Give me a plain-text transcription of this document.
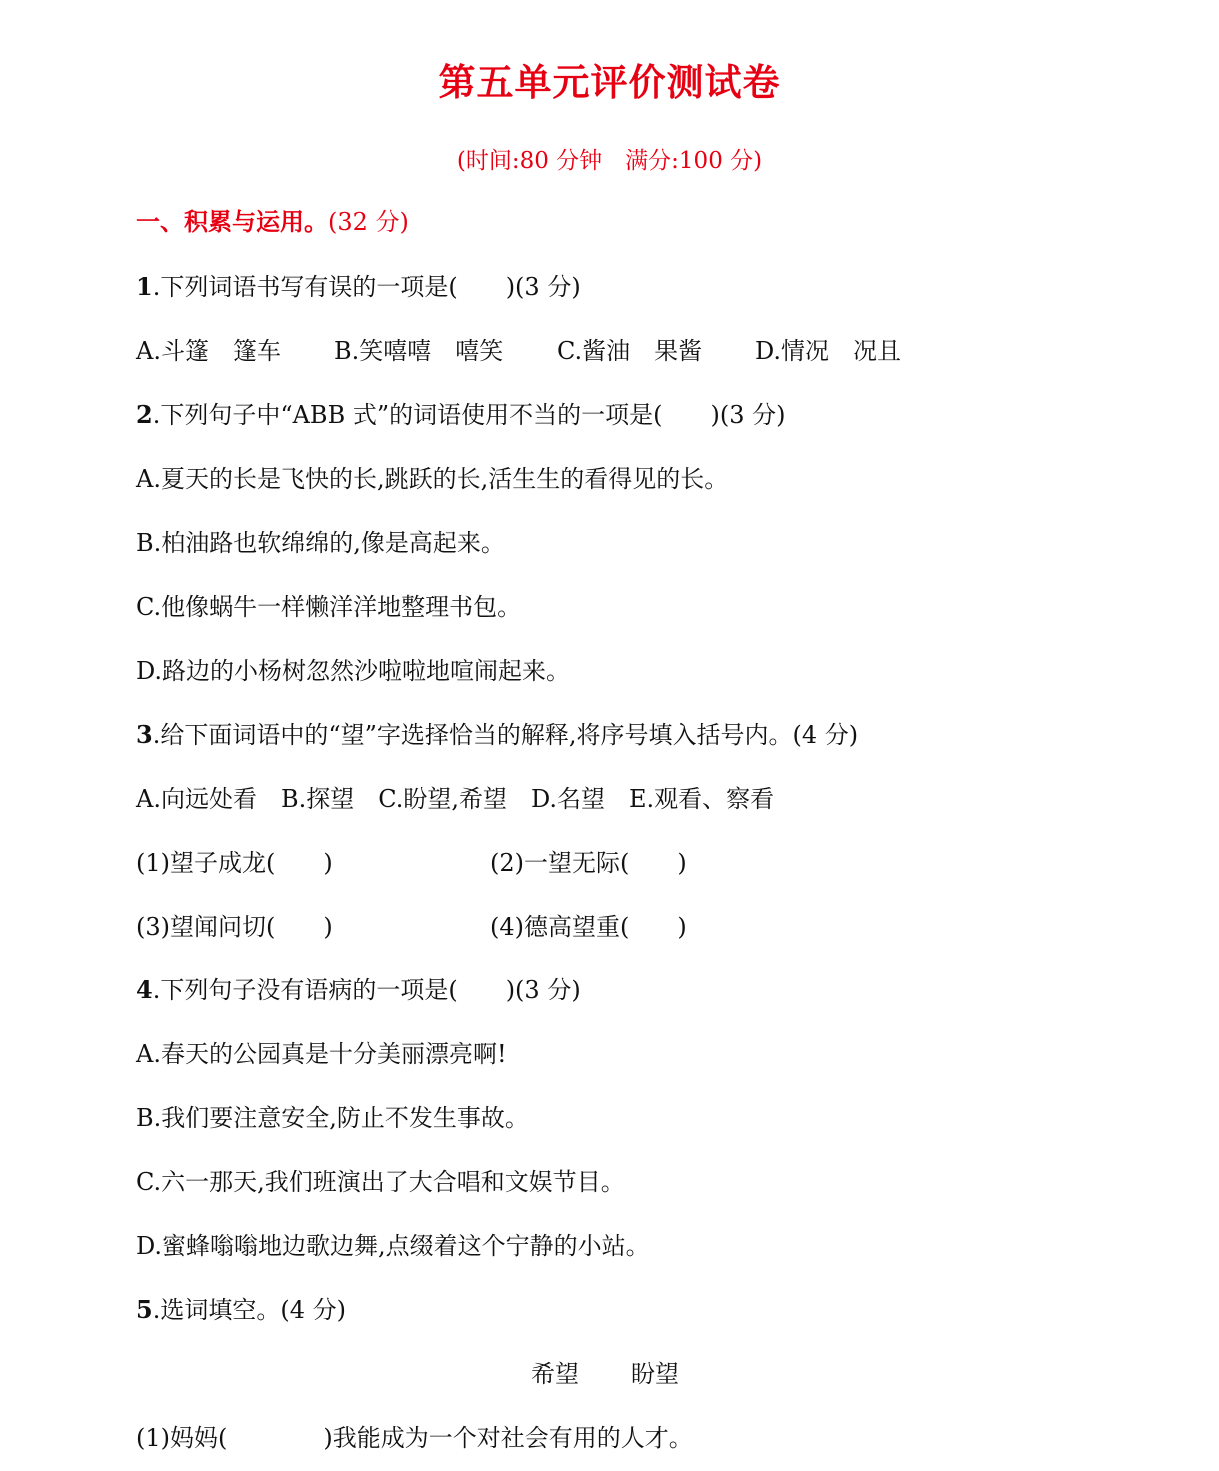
第五单元评价测试卷
(时间:80 分钟　满分:100 分)
一、积累与运用。(32 分)
1.下列词语书写有误的一项是(　　)(3 分)
A.斗篷　篷车 B.笑嘻嘻　嘻笑 C.酱油　果酱 D.情况　况且
2.下列句子中“ABB 式”的词语使用不当的一项是(　　)(3 分)
A.夏天的长是飞快的长,跳跃的长,活生生的看得见的长。
B.柏油路也软绵绵的,像是高起来。
C.他像蜗牛一样懒洋洋地整理书包。
D.路边的小杨树忽然沙啦啦地喧闹起来。
3.给下面词语中的“望”字选择恰当的解释,将序号填入括号内。(4 分)
A.向远处看　B.探望　C.盼望,希望　D.名望　E.观看、察看
(1)望子成龙(　　)	(2)一望无际(　　)
(3)望闻问切(　　)	(4)德高望重(　　)
4.下列句子没有语病的一项是(　　)(3 分)
A.春天的公园真是十分美丽漂亮啊!
B.我们要注意安全,防止不发生事故。
C.六一那天,我们班演出了大合唱和文娱节目。
D.蜜蜂嗡嗡地边歌边舞,点缀着这个宁静的小站。
5.选词填空。(4 分)
希望 盼望
(1)妈妈(　　　　)我能成为一个对社会有用的人才。
